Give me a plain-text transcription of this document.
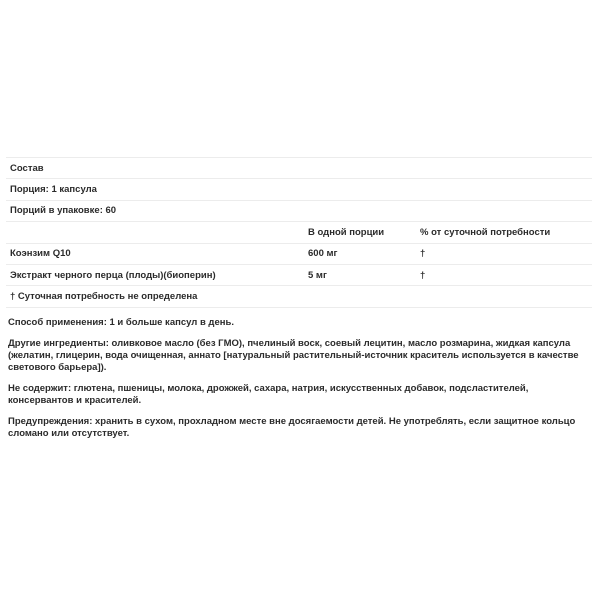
Состав		
Порция: 1 капсула		
Порций в упаковке: 60		
	В одной порции	% от суточной потребности
Коэнзим Q10	600 мг	†
Экстракт черного перца (плоды)(биоперин)	5 мг	†
† Суточная потребность не определена		

Способ применения: 1 и больше капсул в день.

Другие ингредиенты: оливковое масло (без ГМО), пчелиный воск, соевый лецитин, масло розмарина, жидкая капсула (желатин, глицерин, вода очищенная, аннато [натуральный растительный-источник краситель используется в качестве светового барьера]).

Не содержит: глютена, пшеницы, молока, дрожжей, сахара, натрия, искусственных добавок, подсластителей, консервантов и красителей.

Предупреждения: хранить в сухом, прохладном месте вне досягаемости детей. Не употреблять, если защитное кольцо сломано или отсутствует.
